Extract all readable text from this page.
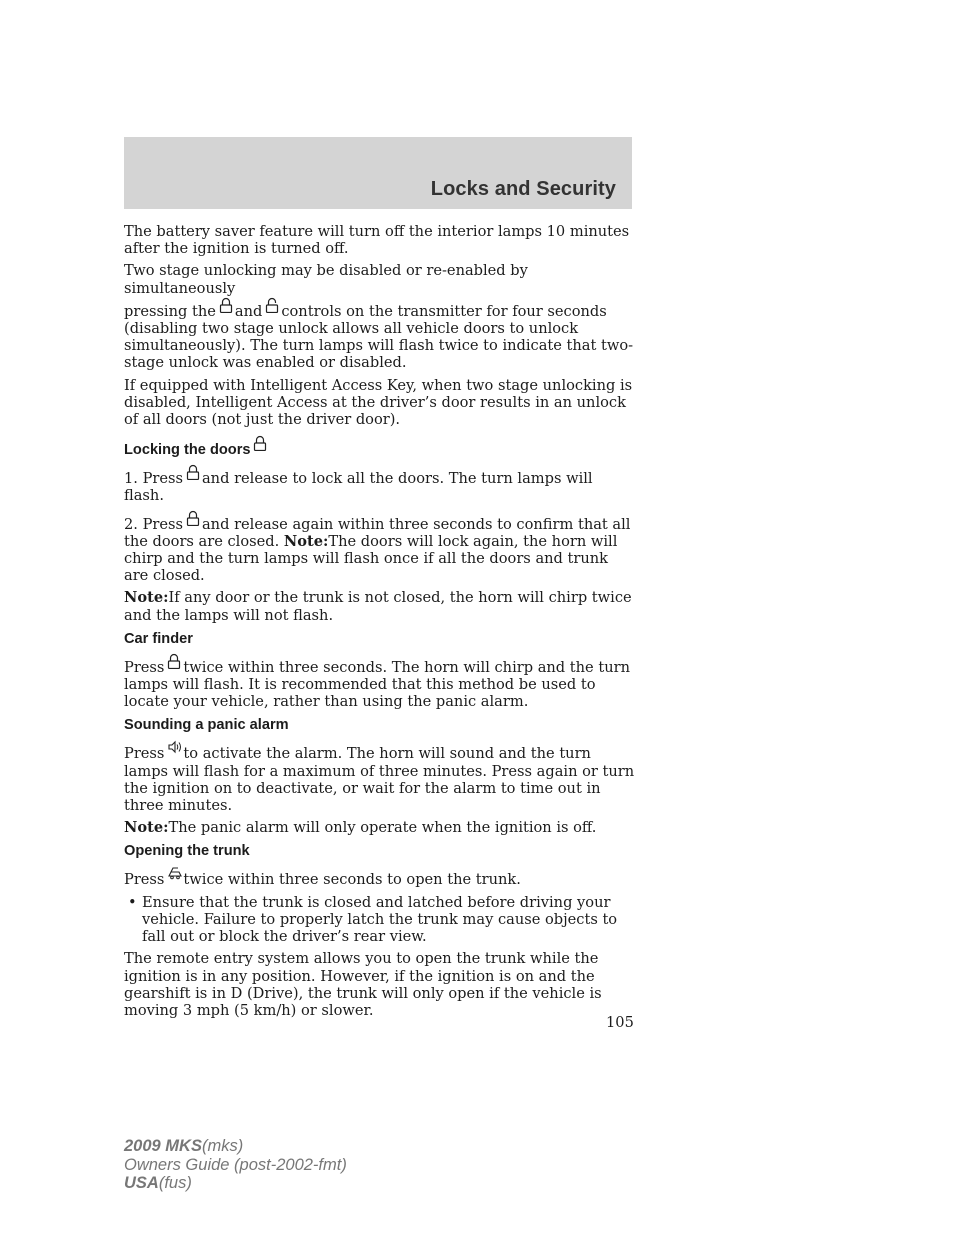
Locks and Security

The battery saver feature will turn off the interior lamps 10 minutes after the ignition is turned off.

Two stage unlocking may be disabled or re-enabled by simultaneously
pressing the and controls on the transmitter for four seconds
(disabling two stage unlock allows all vehicle doors to unlock simultaneously). The turn lamps will flash twice to indicate that two-stage unlock was enabled or disabled.

If equipped with Intelligent Access Key, when two stage unlocking is disabled, Intelligent Access at the driver’s door results in an unlock of all doors (not just the driver door).

Locking the doors

1. Press and release to lock all the doors. The turn lamps will flash.

2. Press and release again within three seconds to confirm that all the doors are closed. Note:The doors will lock again, the horn will chirp and the turn lamps will flash once if all the doors and trunk are closed.

Note:If any door or the trunk is not closed, the horn will chirp twice and the lamps will not flash.

Car finder

Press twice within three seconds. The horn will chirp and the turn lamps will flash. It is recommended that this method be used to locate your vehicle, rather than using the panic alarm.

Sounding a panic alarm

Press to activate the alarm. The horn will sound and the turn lamps will flash for a maximum of three minutes. Press again or turn the ignition on to deactivate, or wait for the alarm to time out in three minutes.

Note:The panic alarm will only operate when the ignition is off.

Opening the trunk

Press twice within three seconds to open the trunk.

• Ensure that the trunk is closed and latched before driving your vehicle. Failure to properly latch the trunk may cause objects to fall out or block the driver’s rear view.

The remote entry system allows you to open the trunk while the ignition is in any position. However, if the ignition is on and the gearshift is in D (Drive), the trunk will only open if the vehicle is moving 3 mph (5 km/h) or slower.

105
2009 MKS(mks)
Owners Guide (post-2002-fmt)
USA(fus)
